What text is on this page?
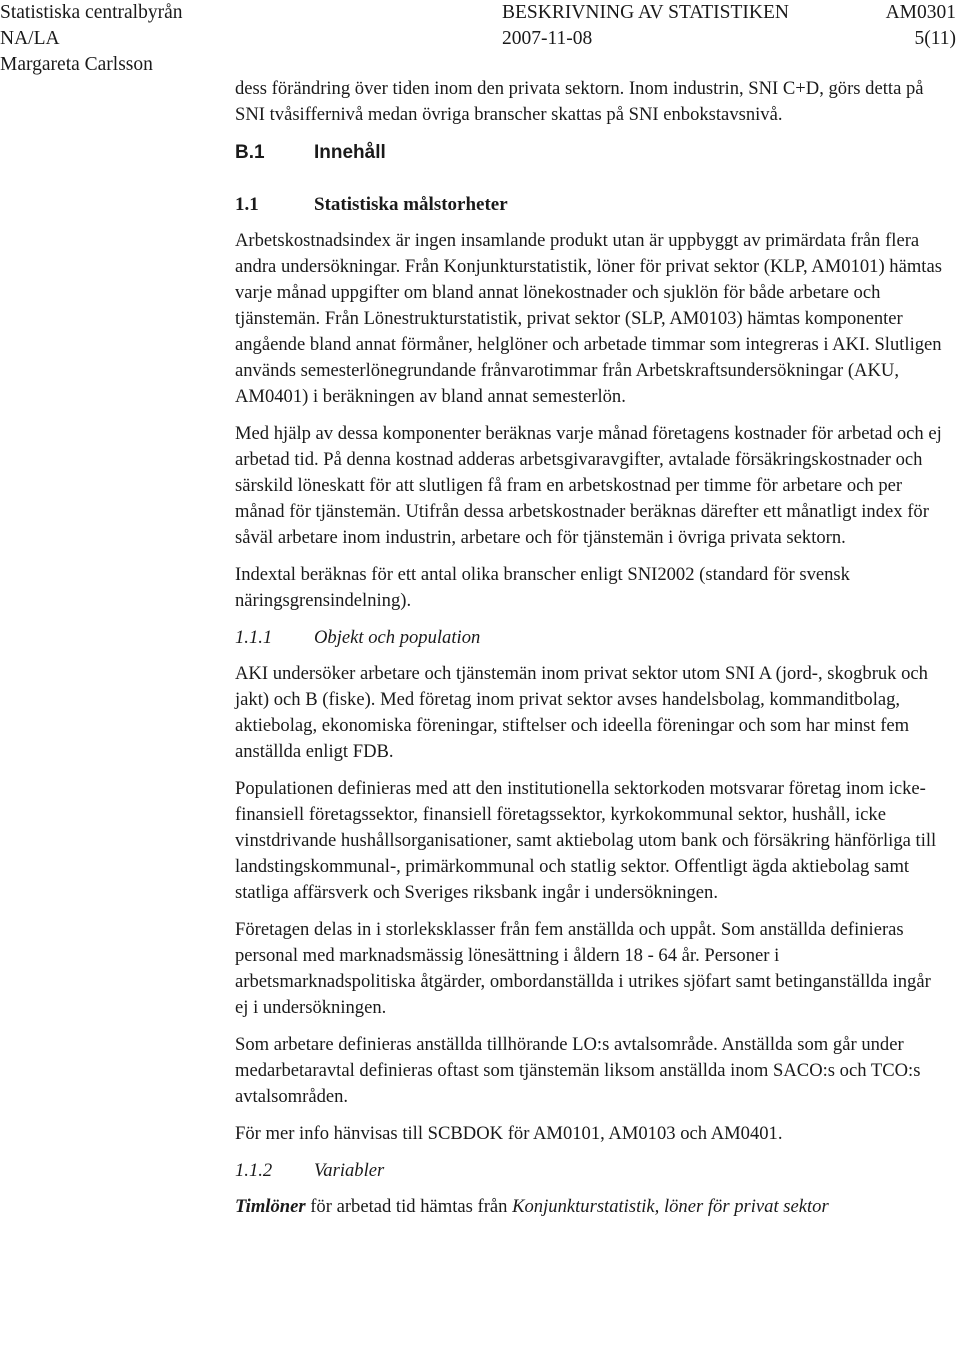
Statistiska centralbyrån	BESKRIVNING AV STATISTIKEN	AM0301
NA/LA	2007-11-08	5(11)
Margareta Carlsson

dess förändring över tiden inom den privata sektorn. Inom industrin, SNI C+D, görs detta på SNI tvåsiffernivå medan övriga branscher skattas på SNI enbokstavsnivå.

B.1	Innehåll
1.1	Statistiska målstorheter

Arbetskostnadsindex är ingen insamlande produkt utan är uppbyggt av primärdata från flera andra undersökningar. Från Konjunkturstatistik, löner för privat sektor (KLP, AM0101) hämtas varje månad uppgifter om bland annat lönekostnader och sjuklön för både arbetare och tjänstemän. Från Lönestrukturstatistik, privat sektor (SLP, AM0103) hämtas komponenter angående bland annat förmåner, helglöner och arbetade timmar som integreras i AKI. Slutligen används semesterlönegrundande frånvarotimmar från Arbetskraftsundersökningar (AKU, AM0401) i beräkningen av bland annat semesterlön.

Med hjälp av dessa komponenter beräknas varje månad företagens kostnader för arbetad och ej arbetad tid. På denna kostnad adderas arbetsgivaravgifter, avtalade försäkringskostnader och särskild löneskatt för att slutligen få fram en arbetskostnad per timme för arbetare och per månad för tjänstemän. Utifrån dessa arbetskostnader beräknas därefter ett månatligt index för såväl arbetare inom industrin, arbetare och för tjänstemän i övriga privata sektorn.

Indextal beräknas för ett antal olika branscher enligt SNI2002 (standard för svensk näringsgrensindelning).

1.1.1 Objekt och population

AKI undersöker arbetare och tjänstemän inom privat sektor utom SNI A (jord-, skogbruk och jakt) och B (fiske). Med företag inom privat sektor avses handelsbolag, kommanditbolag, aktiebolag, ekonomiska föreningar, stiftelser och ideella föreningar och som har minst fem anställda enligt FDB.

Populationen definieras med att den institutionella sektorkoden motsvarar företag inom icke-finansiell företagssektor, finansiell företagssektor, kyrkokommunal sektor, hushåll, icke vinstdrivande hushållsorganisationer, samt aktiebolag utom bank och försäkring hänförliga till landstingskommunal-, primärkommunal och statlig sektor. Offentligt ägda aktiebolag samt statliga affärsverk och Sveriges riksbank ingår i undersökningen.

Företagen delas in i storleksklasser från fem anställda och uppåt. Som anställda definieras personal med marknadsmässig lönesättning i åldern 18 - 64 år. Personer i arbetsmarknadspolitiska åtgärder, ombordanställda i utrikes sjöfart samt betinganställda ingår ej i undersökningen.

Som arbetare definieras anställda tillhörande LO:s avtalsområde. Anställda som går under medarbetaravtal definieras oftast som tjänstemän liksom anställda inom SACO:s och TCO:s avtalsområden.

För mer info hänvisas till SCBDOK för AM0101, AM0103 och AM0401.

1.1.2 Variabler

Timlöner för arbetad tid hämtas från Konjunkturstatistik, löner för privat sektor
